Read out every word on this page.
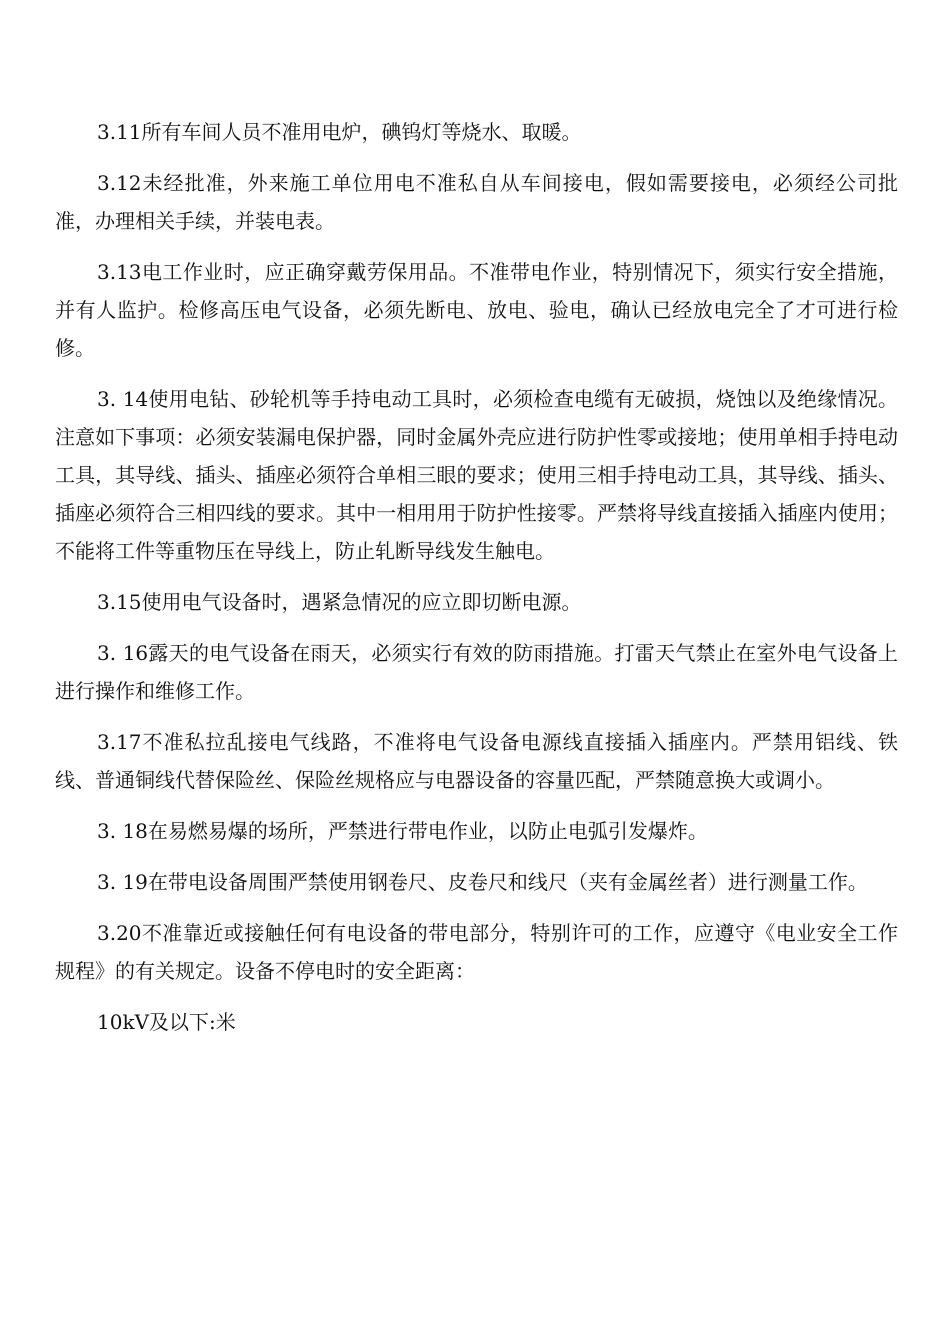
3.11所有车间人员不准用电炉，碘钨灯等烧水、取暖。

3.12未经批准，外来施工单位用电不准私自从车间接电，假如需要接电，必须经公司批准，办理相关手续，并装电表。

3.13电工作业时，应正确穿戴劳保用品。不准带电作业，特别情况下，须实行安全措施，并有人监护。检修高压电气设备，必须先断电、放电、验电，确认已经放电完全了才可进行检修。

3. 14使用电钻、砂轮机等手持电动工具时，必须检查电缆有无破损，烧蚀以及绝缘情况。注意如下事项：必须安装漏电保护器，同时金属外壳应进行防护性零或接地；使用单相手持电动工具，其导线、插头、插座必须符合单相三眼的要求；使用三相手持电动工具，其导线、插头、插座必须符合三相四线的要求。其中一相用用于防护性接零。严禁将导线直接插入插座内使用；不能将工件等重物压在导线上，防止轧断导线发生触电。

3.15使用电气设备时，遇紧急情况的应立即切断电源。

3. 16露天的电气设备在雨天，必须实行有效的防雨措施。打雷天气禁止在室外电气设备上进行操作和维修工作。

3.17不准私拉乱接电气线路，不准将电气设备电源线直接插入插座内。严禁用铝线、铁线、普通铜线代替保险丝、保险丝规格应与电器设备的容量匹配，严禁随意换大或调小。

3. 18在易燃易爆的场所，严禁进行带电作业，以防止电弧引发爆炸。

3. 19在带电设备周围严禁使用钢卷尺、皮卷尺和线尺（夹有金属丝者）进行测量工作。

3.20不准靠近或接触任何有电设备的带电部分，特别许可的工作，应遵守《电业安全工作规程》的有关规定。设备不停电时的安全距离：

10kV及以下:米
